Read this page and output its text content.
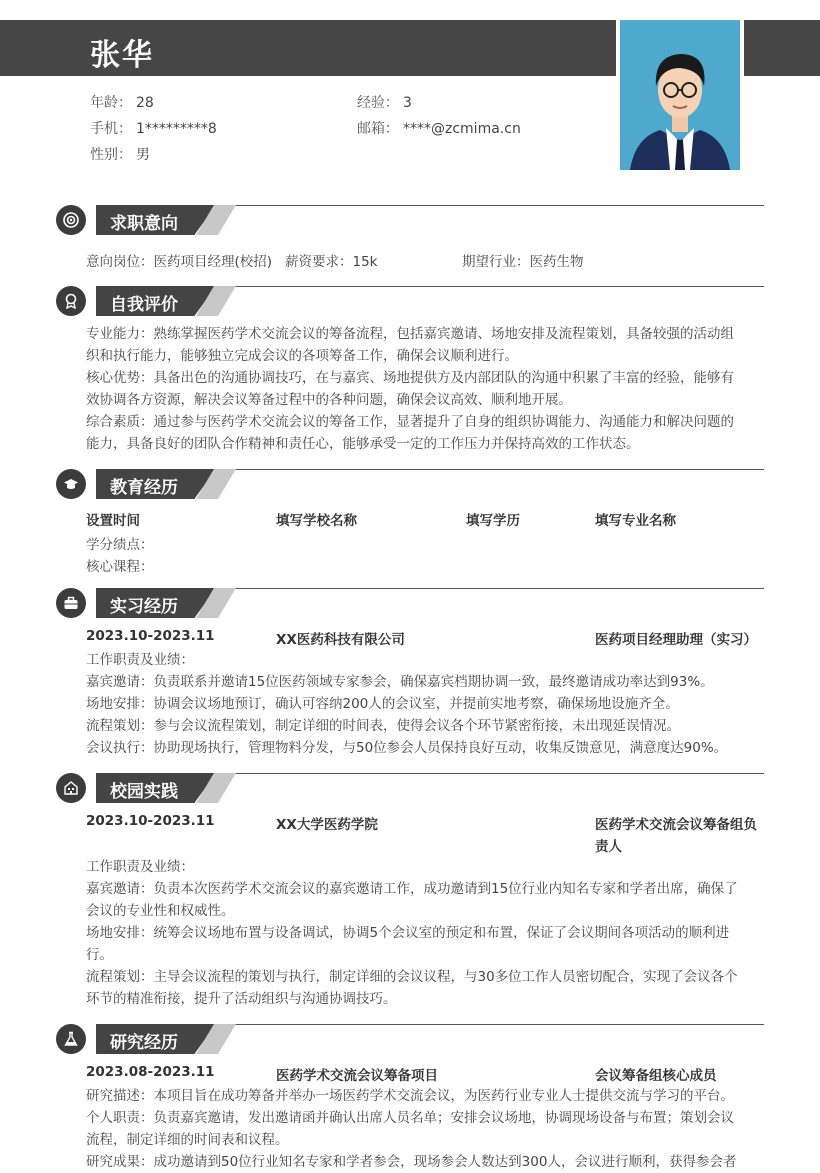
张华
年龄： 28	经验： 3
手机： 1*********8	邮箱： ****@zcmima.cn
性别： 男
求职意向
意向岗位：医药项目经理(校招) 薪资要求：15k	期望行业：医药生物
自我评价
专业能力：熟练掌握医药学术交流会议的筹备流程，包括嘉宾邀请、场地安排及流程策划，具备较强的活动组
织和执行能力，能够独立完成会议的各项筹备工作，确保会议顺利进行。
核心优势：具备出色的沟通协调技巧，在与嘉宾、场地提供方及内部团队的沟通中积累了丰富的经验，能够有
效协调各方资源，解决会议筹备过程中的各种问题，确保会议高效、顺利地开展。
综合素质：通过参与医药学术交流会议的筹备工作，显著提升了自身的组织协调能力、沟通能力和解决问题的
能力，具备良好的团队合作精神和责任心，能够承受一定的工作压力并保持高效的工作状态。
教育经历
设置时间	填写学校名称	填写学历	填写专业名称
学分绩点：
核心课程：
实习经历
2023.10-2023.11	XX医药科技有限公司	医药项目经理助理（实习）
工作职责及业绩：
嘉宾邀请：负责联系并邀请15位医药领域专家参会，确保嘉宾档期协调一致，最终邀请成功率达到93%。
场地安排：协调会议场地预订，确认可容纳200人的会议室，并提前实地考察，确保场地设施齐全。
流程策划：参与会议流程策划，制定详细的时间表，使得会议各个环节紧密衔接，未出现延误情况。
会议执行：协助现场执行，管理物料分发，与50位参会人员保持良好互动，收集反馈意见，满意度达90%。
校园实践
2023.10-2023.11	XX大学医药学院	医药学术交流会议筹备组负
责人
工作职责及业绩：
嘉宾邀请：负责本次医药学术交流会议的嘉宾邀请工作，成功邀请到15位行业内知名专家和学者出席，确保了
会议的专业性和权威性。
场地安排：统筹会议场地布置与设备调试，协调5个会议室的预定和布置，保证了会议期间各项活动的顺利进
行。
流程策划：主导会议流程的策划与执行，制定详细的会议议程，与30多位工作人员密切配合，实现了会议各个
环节的精准衔接，提升了活动组织与沟通协调技巧。
研究经历
2023.08-2023.11	医药学术交流会议筹备项目	会议筹备组核心成员
研究描述：本项目旨在成功筹备并举办一场医药学术交流会议，为医药行业专业人士提供交流与学习的平台。
个人职责：负责嘉宾邀请，发出邀请函并确认出席人员名单；安排会议场地，协调现场设备与布置；策划会议
流程，制定详细的时间表和议程。
研究成果：成功邀请到50位行业知名专家和学者参会，现场参会人数达到300人，会议进行顺利，获得参会者
